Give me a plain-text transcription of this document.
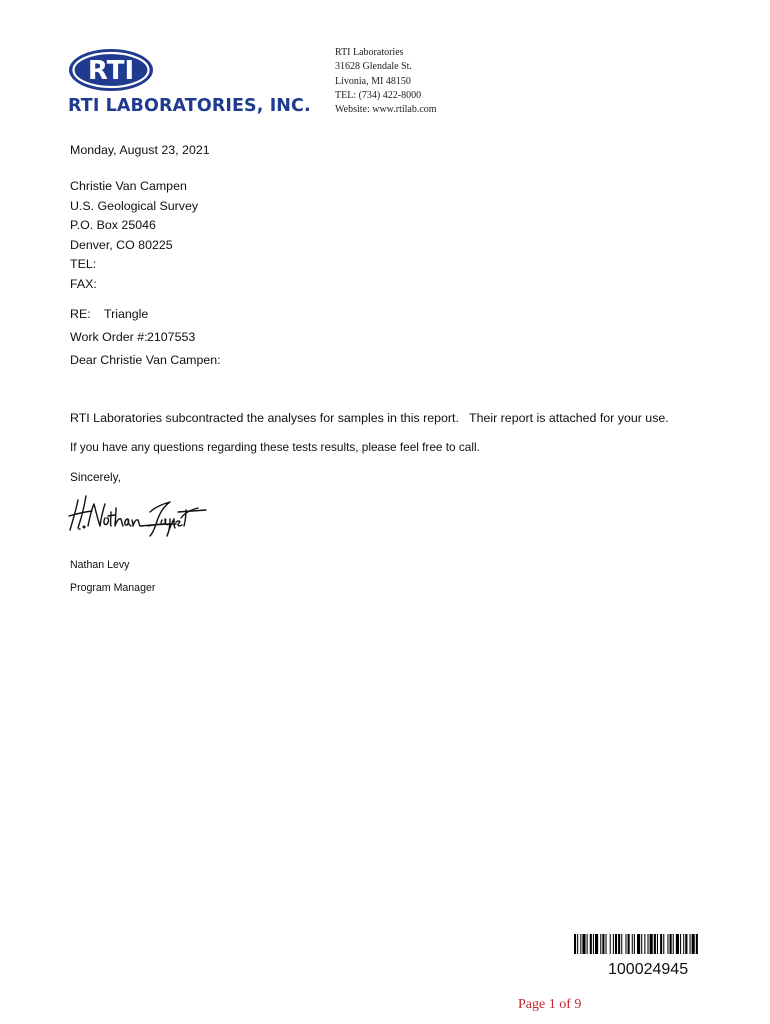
RTI
RTI LABORATORIES, INC.
RTI Laboratories
31628 Glendale St.
Livonia, MI 48150
TEL: (734) 422-8000
Website: www.rtilab.com
Monday, August 23, 2021
Christie Van Campen
U.S. Geological Survey
P.O. Box 25046
Denver, CO 80225
TEL:
FAX:
RE: Triangle
Work Order #:2107553
Dear Christie Van Campen:
RTI Laboratories subcontracted the analyses for samples in this report.   Their report is attached for your use.
If you have any questions regarding these tests results, please feel free to call.
Sincerely,
Nathan Levy
Program Manager
100024945
Page 1 of 9
